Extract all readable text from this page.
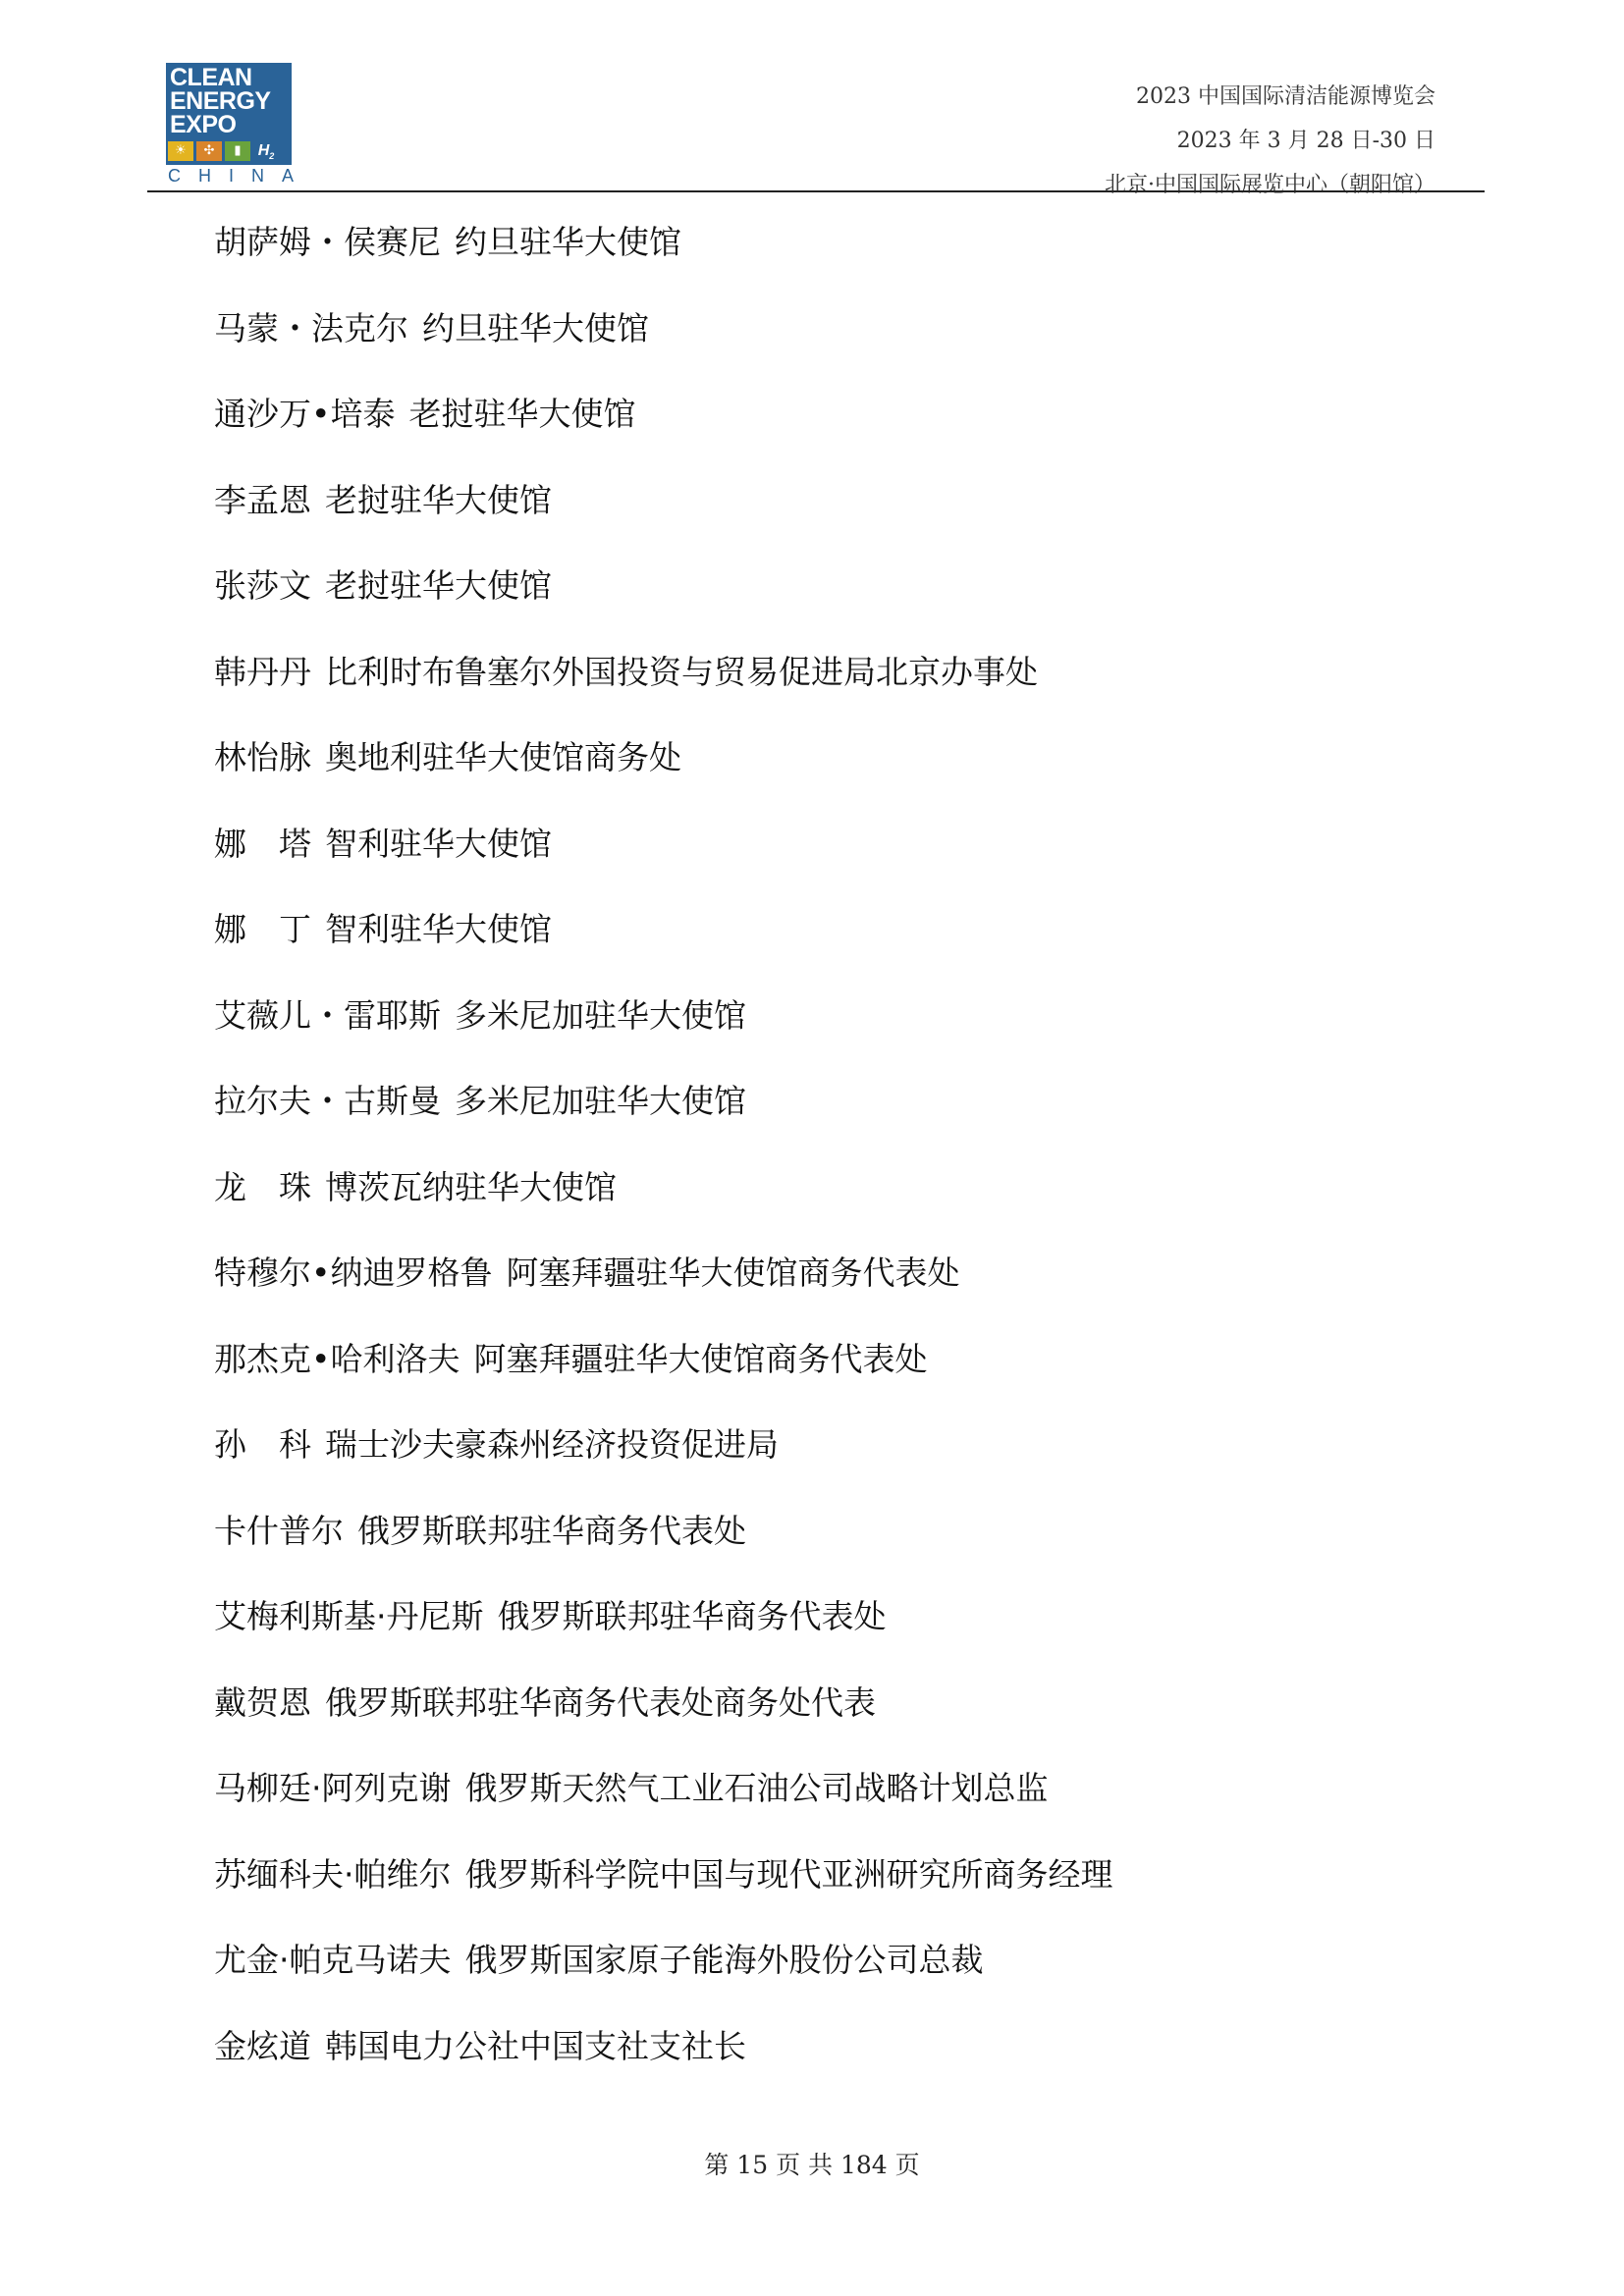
CLEAN
ENERGY
EXPO
☀	✣	▮	$H_2$
CHINA
2023 中国国际清洁能源博览会
2023 年 3 月 28 日-30 日
北京·中国国际展览中心（朝阳馆）
胡萨姆・侯赛尼 约旦驻华大使馆
马蒙・法克尔 约旦驻华大使馆
通沙万•培泰 老挝驻华大使馆
李孟恩 老挝驻华大使馆
张莎文 老挝驻华大使馆
韩丹丹 比利时布鲁塞尔外国投资与贸易促进局北京办事处
林怡脉 奥地利驻华大使馆商务处
娜　塔 智利驻华大使馆
娜　丁 智利驻华大使馆
艾薇儿・雷耶斯 多米尼加驻华大使馆
拉尔夫・古斯曼 多米尼加驻华大使馆
龙　珠 博茨瓦纳驻华大使馆
特穆尔•纳迪罗格鲁 阿塞拜疆驻华大使馆商务代表处
那杰克•哈利洛夫 阿塞拜疆驻华大使馆商务代表处
孙　科 瑞士沙夫豪森州经济投资促进局
卡什普尔 俄罗斯联邦驻华商务代表处
艾梅利斯基·丹尼斯 俄罗斯联邦驻华商务代表处
戴贺恩 俄罗斯联邦驻华商务代表处商务处代表
马柳廷·阿列克谢 俄罗斯天然气工业石油公司战略计划总监
苏缅科夫·帕维尔 俄罗斯科学院中国与现代亚洲研究所商务经理
尤金·帕克马诺夫 俄罗斯国家原子能海外股份公司总裁
金炫道 韩国电力公社中国支社支社长
第 15 页 共 184 页
